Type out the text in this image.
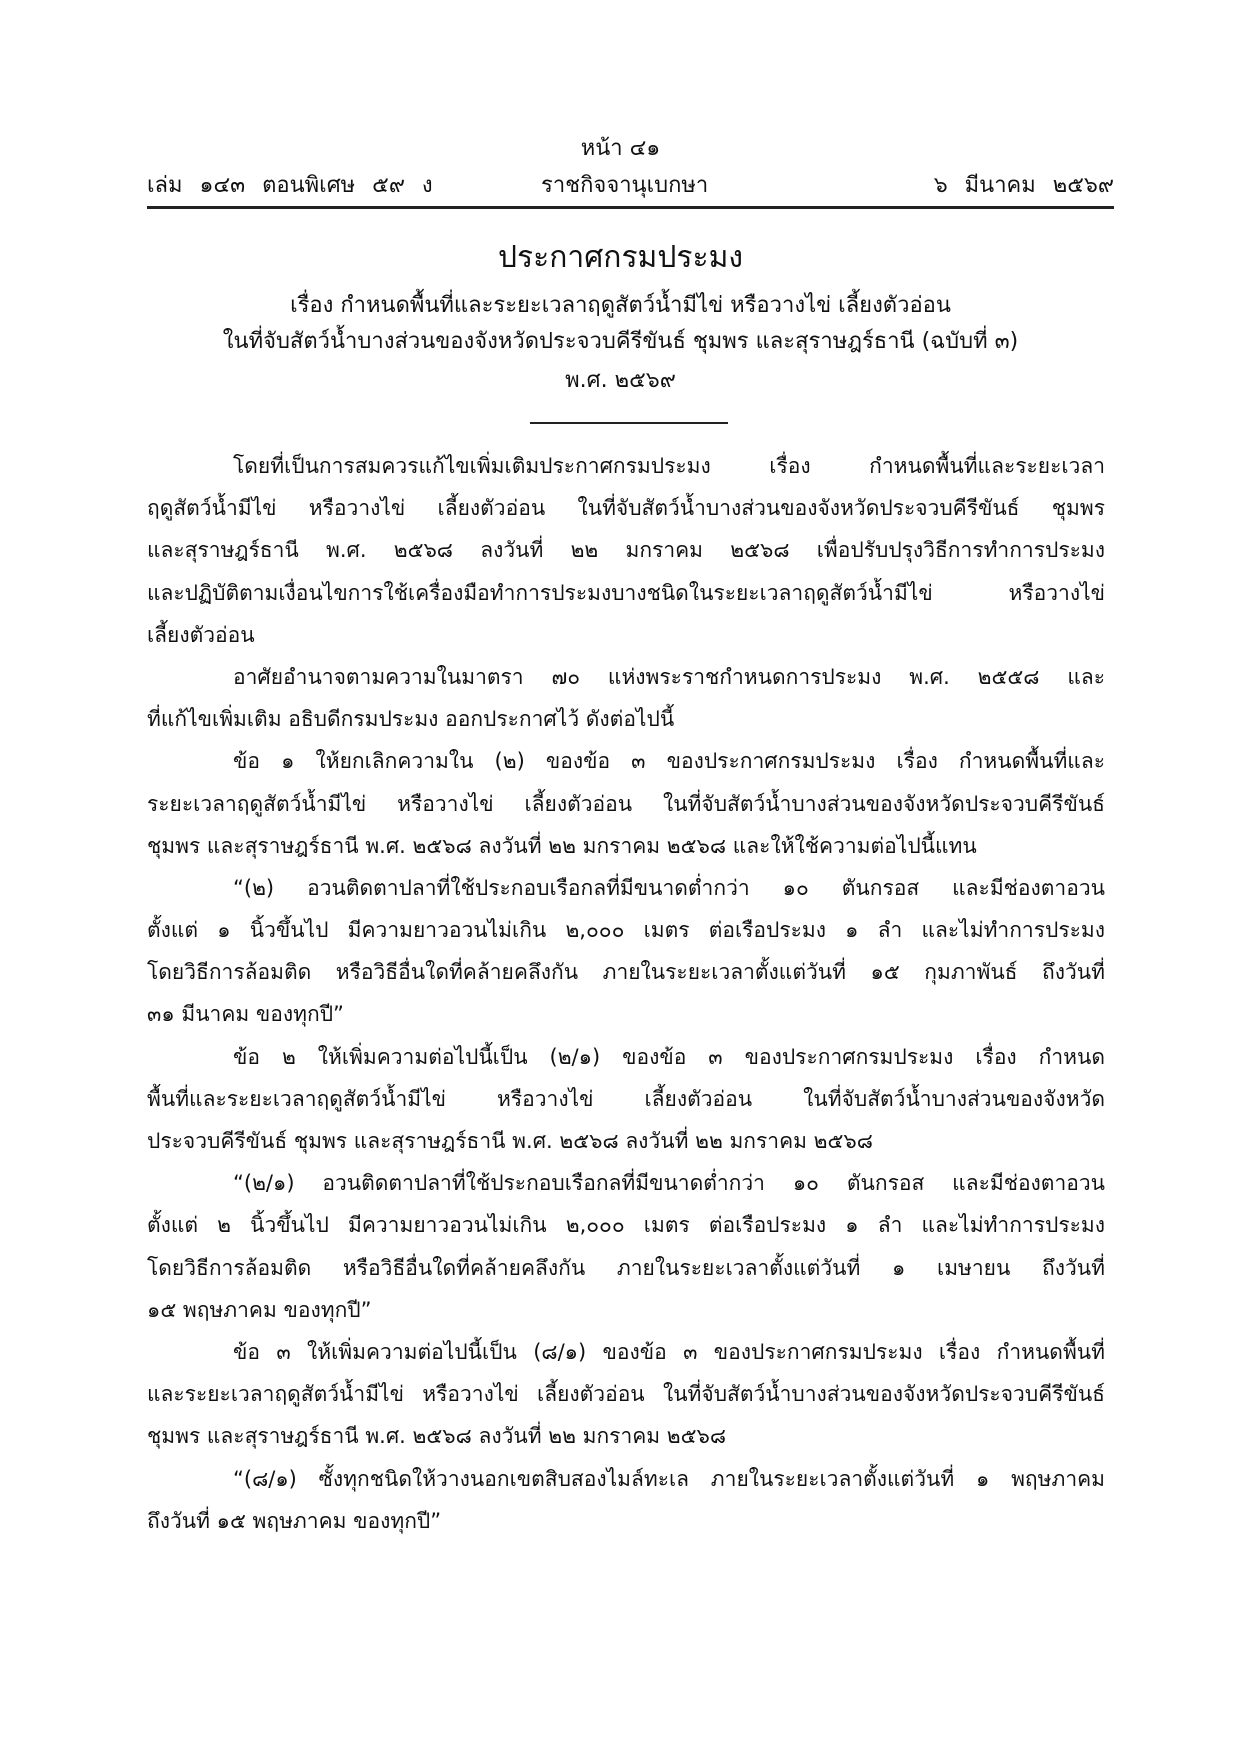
หน้า ๔๑
เล่ม ๑๔๓ ตอนพิเศษ ๕๙ ง	ราชกิจจานุเบกษา	๖ มีนาคม ๒๕๖๙
ประกาศกรมประมง
เรื่อง กำหนดพื้นที่และระยะเวลาฤดูสัตว์น้ำมีไข่ หรือวางไข่ เลี้ยงตัวอ่อน
ในที่จับสัตว์น้ำบางส่วนของจังหวัดประจวบคีรีขันธ์ ชุมพร และสุราษฎร์ธานี (ฉบับที่ ๓)
พ.ศ. ๒๕๖๙
โดยที่เป็นการสมควรแก้ไขเพิ่มเติมประกาศกรมประมง เรื่อง กำหนดพื้นที่และระยะเวลา
ฤดูสัตว์น้ำมีไข่ หรือวางไข่ เลี้ยงตัวอ่อน ในที่จับสัตว์น้ำบางส่วนของจังหวัดประจวบคีรีขันธ์ ชุมพร
และสุราษฎร์ธานี พ.ศ. ๒๕๖๘ ลงวันที่ ๒๒ มกราคม ๒๕๖๘ เพื่อปรับปรุงวิธีการทำการประมง
และปฏิบัติตามเงื่อนไขการใช้เครื่องมือทำการประมงบางชนิดในระยะเวลาฤดูสัตว์น้ำมีไข่ หรือวางไข่
เลี้ยงตัวอ่อน
อาศัยอำนาจตามความในมาตรา ๗๐ แห่งพระราชกำหนดการประมง พ.ศ. ๒๕๕๘ และ
ที่แก้ไขเพิ่มเติม อธิบดีกรมประมง ออกประกาศไว้ ดังต่อไปนี้
ข้อ ๑ ให้ยกเลิกความใน (๒) ของข้อ ๓ ของประกาศกรมประมง เรื่อง กำหนดพื้นที่และ
ระยะเวลาฤดูสัตว์น้ำมีไข่ หรือวางไข่ เลี้ยงตัวอ่อน ในที่จับสัตว์น้ำบางส่วนของจังหวัดประจวบคีรีขันธ์
ชุมพร และสุราษฎร์ธานี พ.ศ. ๒๕๖๘ ลงวันที่ ๒๒ มกราคม ๒๕๖๘ และให้ใช้ความต่อไปนี้แทน
“(๒) อวนติดตาปลาที่ใช้ประกอบเรือกลที่มีขนาดต่ำกว่า ๑๐ ตันกรอส และมีช่องตาอวน
ตั้งแต่ ๑ นิ้วขึ้นไป มีความยาวอวนไม่เกิน ๒,๐๐๐ เมตร ต่อเรือประมง ๑ ลำ และไม่ทำการประมง
โดยวิธีการล้อมติด หรือวิธีอื่นใดที่คล้ายคลึงกัน ภายในระยะเวลาตั้งแต่วันที่ ๑๕ กุมภาพันธ์ ถึงวันที่
๓๑ มีนาคม ของทุกปี”
ข้อ ๒ ให้เพิ่มความต่อไปนี้เป็น (๒/๑) ของข้อ ๓ ของประกาศกรมประมง เรื่อง กำหนด
พื้นที่และระยะเวลาฤดูสัตว์น้ำมีไข่ หรือวางไข่ เลี้ยงตัวอ่อน ในที่จับสัตว์น้ำบางส่วนของจังหวัด
ประจวบคีรีขันธ์ ชุมพร และสุราษฎร์ธานี พ.ศ. ๒๕๖๘ ลงวันที่ ๒๒ มกราคม ๒๕๖๘
“(๒/๑) อวนติดตาปลาที่ใช้ประกอบเรือกลที่มีขนาดต่ำกว่า ๑๐ ตันกรอส และมีช่องตาอวน
ตั้งแต่ ๒ นิ้วขึ้นไป มีความยาวอวนไม่เกิน ๒,๐๐๐ เมตร ต่อเรือประมง ๑ ลำ และไม่ทำการประมง
โดยวิธีการล้อมติด หรือวิธีอื่นใดที่คล้ายคลึงกัน ภายในระยะเวลาตั้งแต่วันที่ ๑ เมษายน ถึงวันที่
๑๕ พฤษภาคม ของทุกปี”
ข้อ ๓ ให้เพิ่มความต่อไปนี้เป็น (๘/๑) ของข้อ ๓ ของประกาศกรมประมง เรื่อง กำหนดพื้นที่
และระยะเวลาฤดูสัตว์น้ำมีไข่ หรือวางไข่ เลี้ยงตัวอ่อน ในที่จับสัตว์น้ำบางส่วนของจังหวัดประจวบคีรีขันธ์
ชุมพร และสุราษฎร์ธานี พ.ศ. ๒๕๖๘ ลงวันที่ ๒๒ มกราคม ๒๕๖๘
“(๘/๑) ซั้งทุกชนิดให้วางนอกเขตสิบสองไมล์ทะเล ภายในระยะเวลาตั้งแต่วันที่ ๑ พฤษภาคม
ถึงวันที่ ๑๕ พฤษภาคม ของทุกปี”
